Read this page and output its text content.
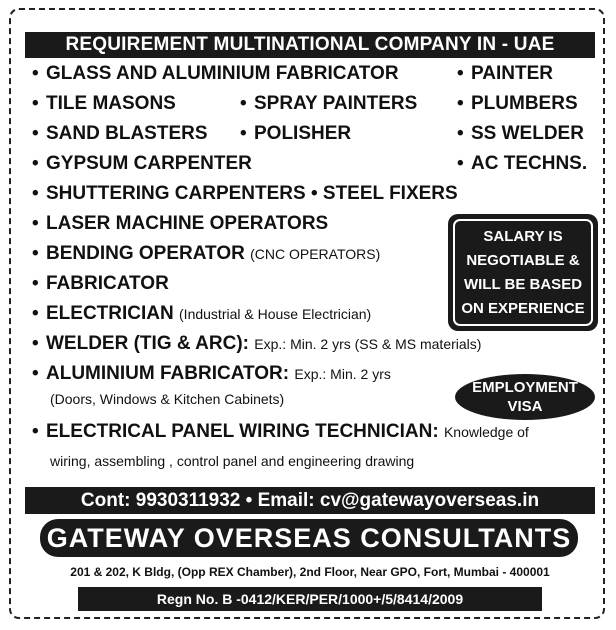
REQUIREMENT MULTINATIONAL COMPANY IN - UAE
• GLASS AND ALUMINIUM FABRICATOR	• PAINTER
• TILE MASONS	• SPRAY PAINTERS • PLUMBERS
• SAND BLASTERS • POLISHER	• SS WELDER
• GYPSUM CARPENTER	• AC TECHNS.
• SHUTTERING CARPENTERS • STEEL FIXERS
• LASER MACHINE OPERATORS
• BENDING OPERATOR (CNC OPERATORS)
• FABRICATOR
• ELECTRICIAN (Industrial & House Electrician)
• WELDER (TIG & ARC): Exp.: Min. 2 yrs (SS & MS materials)
• ALUMINIUM FABRICATOR: Exp.: Min. 2 yrs
(Doors, Windows & Kitchen Cabinets)
• ELECTRICAL PANEL WIRING TECHNICIAN: Knowledge of
wiring, assembling , control panel and engineering drawing
SALARY IS
NEGOTIABLE &
WILL BE BASED
ON EXPERIENCE
EMPLOYMENT
VISA
Cont: 9930311932 • Email: cv@gatewayoverseas.in
GATEWAY OVERSEAS CONSULTANTS
201 & 202, K Bldg, (Opp REX Chamber), 2nd Floor, Near GPO, Fort, Mumbai - 400001
Regn No. B -0412/KER/PER/1000+/5/8414/2009
